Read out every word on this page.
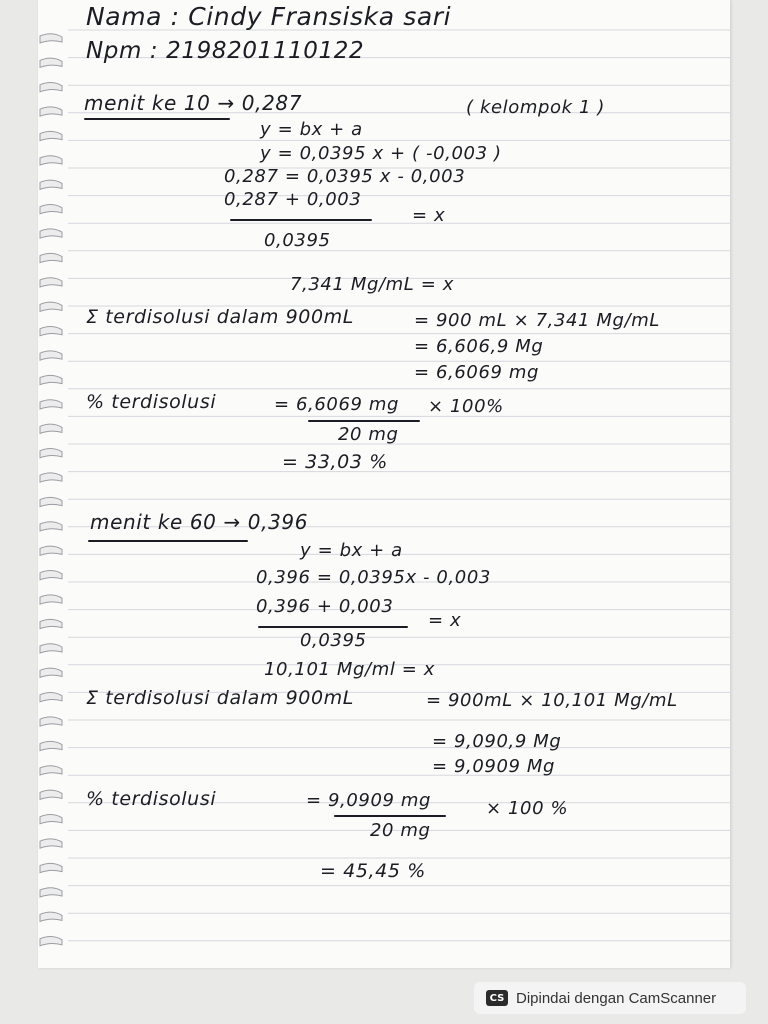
Nama : Cindy Fransiska sari
Npm : 2198201110122
menit ke 10 → 0,287	( kelompok 1 )
y = bx + a
y = 0,0395 x + ( -0,003 )
0,287 = 0,0395 x - 0,003
0,287 + 0,003
= x
0,0395
7,341 Mg/mL = x
Σ terdisolusi dalam 900mL	= 900 mL × 7,341 Mg/mL
= 6,606,9 Mg
= 6,6069 mg
% terdisolusi	= 6,6069 mg × 100%
20 mg
= 33,03 %
menit ke 60 → 0,396
y = bx + a
0,396 = 0,0395x - 0,003
0,396 + 0,003
= x
0,0395
10,101 Mg/ml = x
Σ terdisolusi dalam 900mL	= 900mL × 10,101 Mg/mL
= 9,090,9 Mg
= 9,0909 Mg
% terdisolusi	= 9,0909 mg	× 100 %
20 mg
= 45,45 %
CS Dipindai dengan CamScanner
